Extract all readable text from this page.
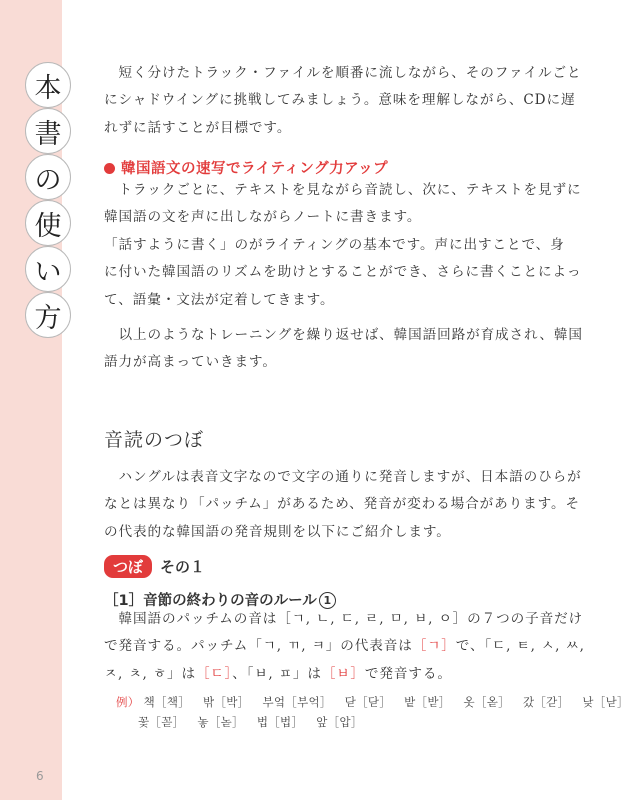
本
書
の
使
い
方
6
　短く分けたトラック・ファイルを順番に流しながら、そのファイルごと
にシャドウイングに挑戦してみましょう。意味を理解しながら、CDに遅
れずに話すことが目標です。
韓国語文の速写でライティング力アップ
　トラックごとに、テキストを見ながら音読し、次に、テキストを見ずに
韓国語の文を声に出しながらノートに書きます。
「話すように書く」のがライティングの基本です。声に出すことで、身
に付いた韓国語のリズムを助けとすることができ、さらに書くことによっ
て、語彙・文法が定着してきます。
　以上のようなトレーニングを繰り返せば、韓国語回路が育成され、韓国
語力が高まっていきます。
音読のつぼ
　ハングルは表音文字なので文字の通りに発音しますが、日本語のひらが
なとは異なり「パッチム」があるため、発音が変わる場合があります。そ
の代表的な韓国語の発音規則を以下にご紹介します。
つぼ その１
［1］音節の終わりの音のルール 1
　韓国語のパッチムの音は［ㄱ, ㄴ, ㄷ, ㄹ, ㅁ, ㅂ, ㅇ］の７つの子音だけ
で発音する。パッチム「ㄱ, ㄲ, ㅋ」の代表音は［ㄱ］で、「ㄷ, ㅌ, ㅅ, ㅆ,
ㅈ, ㅊ, ㅎ」は［ㄷ］、「ㅂ, ㅍ」は［ㅂ］で発音する。
例） 책［책］ 밖［박］ 부엌［부억］ 닫［닫］ 밭［받］ 옷［옫］ 갔［갇］ 낮［낟］
꽃［꼳］ 놓［녿］ 법［법］ 앞［압］
